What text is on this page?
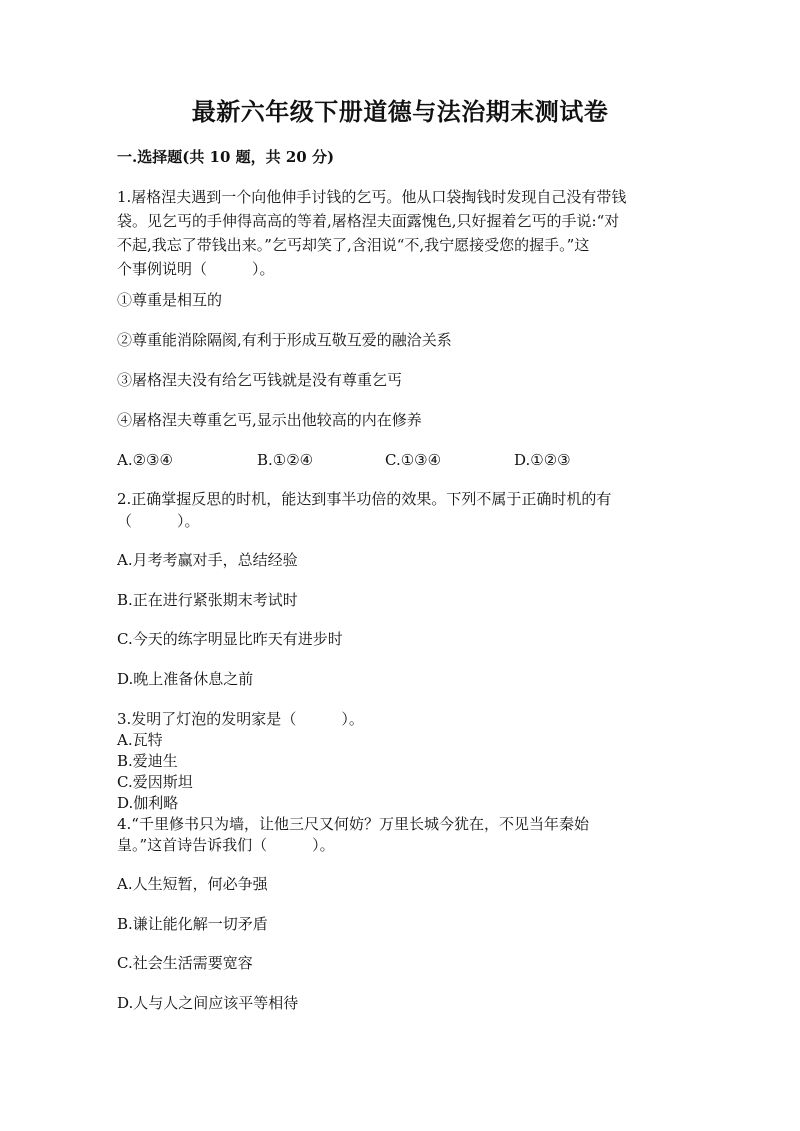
最新六年级下册道德与法治期末测试卷
一.选择题(共 10 题，共 20 分)
1.屠格涅夫遇到一个向他伸手讨钱的乞丐。他从口袋掏钱时发现自己没有带钱
袋。见乞丐的手伸得高高的等着,屠格涅夫面露愧色,只好握着乞丐的手说:“对
不起,我忘了带钱出来。”乞丐却笑了,含泪说“不,我宁愿接受您的握手。”这
个事例说明（　　　）。
①尊重是相互的
②尊重能消除隔阂,有利于形成互敬互爱的融洽关系
③屠格涅夫没有给乞丐钱就是没有尊重乞丐
④屠格涅夫尊重乞丐,显示出他较高的内在修养
A.②③④	B.①②④	C.①③④	D.①②③
2.正确掌握反思的时机，能达到事半功倍的效果。下列不属于正确时机的有
（　　　）。
A.月考考赢对手，总结经验
B.正在进行紧张期末考试时
C.今天的练字明显比昨天有进步时
D.晚上准备休息之前
3.发明了灯泡的发明家是（　　　）。
A.瓦特
B.爱迪生
C.爱因斯坦
D.伽利略
4.“千里修书只为墙，让他三尺又何妨？万里长城今犹在，不见当年秦始
皇。”这首诗告诉我们（　　　）。
A.人生短暂，何必争强
B.谦让能化解一切矛盾
C.社会生活需要宽容
D.人与人之间应该平等相待
